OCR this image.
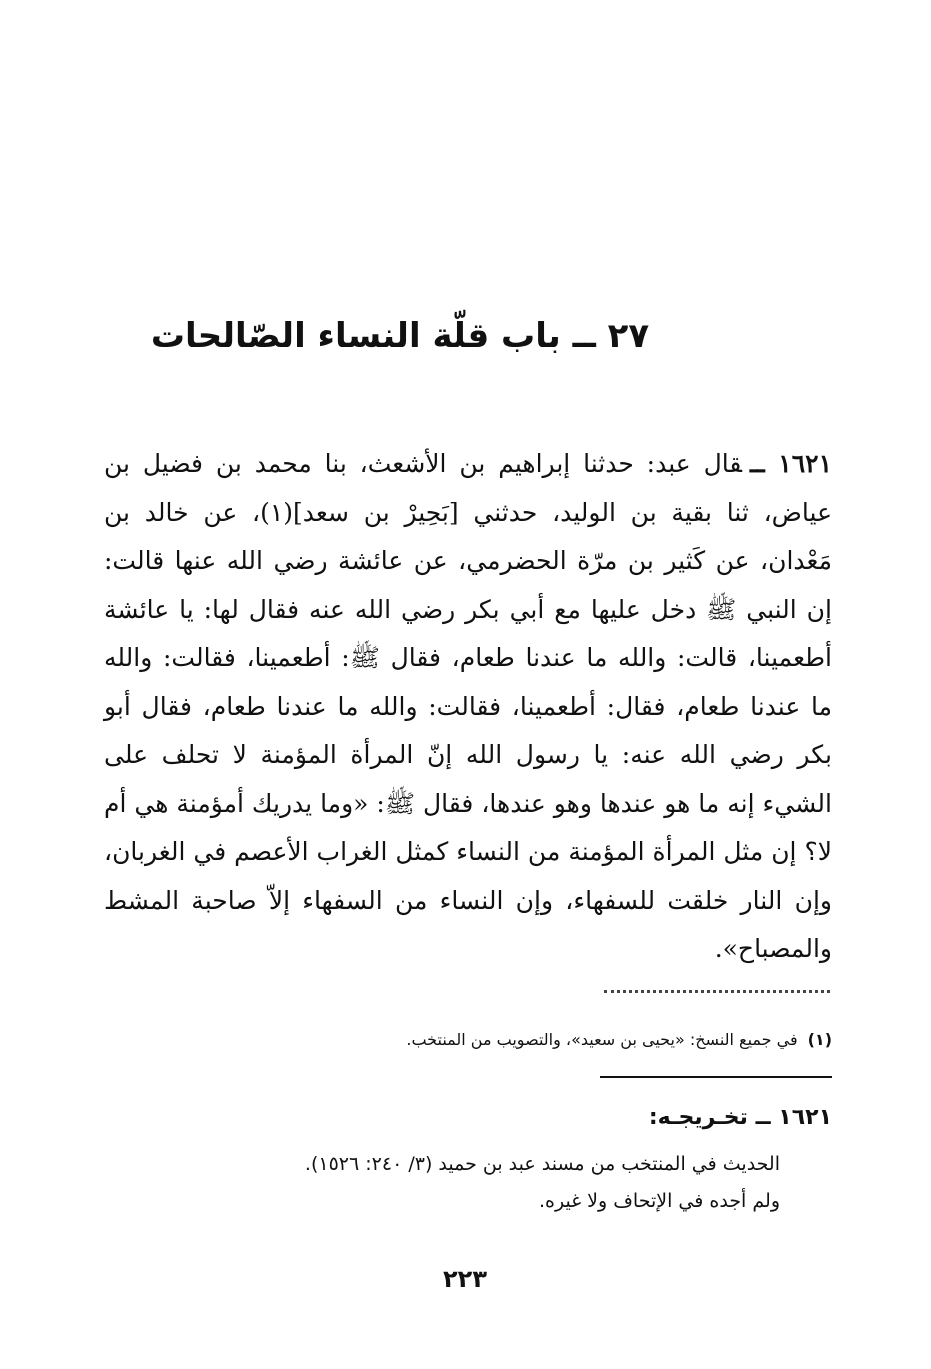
٢٧ ــ باب قلّة النساء الصّالحات

١٦٢١ ــقال عبد: حدثنا إبراهيم بن الأشعث، بنا محمد بن فضيل بن عياض، ثنا بقية بن الوليد، حدثني [بَحِيرْ بن سعد](١)، عن خالد بن مَعْدان، عن كَثير بن مرّة الحضرمي، عن عائشة رضي الله عنها قالت: إن النبي ﷺ دخل عليها مع أبي بكر رضي الله عنه فقال لها: يا عائشة أطعمينا، قالت: والله ما عندنا طعام، فقال ﷺ: أطعمينا، فقالت: والله ما عندنا طعام، فقال: أطعمينا، فقالت: والله ما عندنا طعام، فقال أبو بكر رضي الله عنه: يا رسول الله إنّ المرأة المؤمنة لا تحلف على الشيء إنه ما هو عندها وهو عندها، فقال ﷺ: «وما يدريك أمؤمنة هي أم لا؟ إن مثل المرأة المؤمنة من النساء كمثل الغراب الأعصم في الغربان، وإن النار خلقت للسفهاء، وإن النساء من السفهاء إلاّ صاحبة المشط والمصباح».

(١)في جميع النسخ: «يحيى بن سعيد»، والتصويب من المنتخب.

١٦٢١ ــ تخـريجـه:

الحديث في المنتخب من مسند عبد بن حميد (٣/ ٢٤٠: ١٥٢٦).
ولم أجده في الإتحاف ولا غيره.

٢٢٣
